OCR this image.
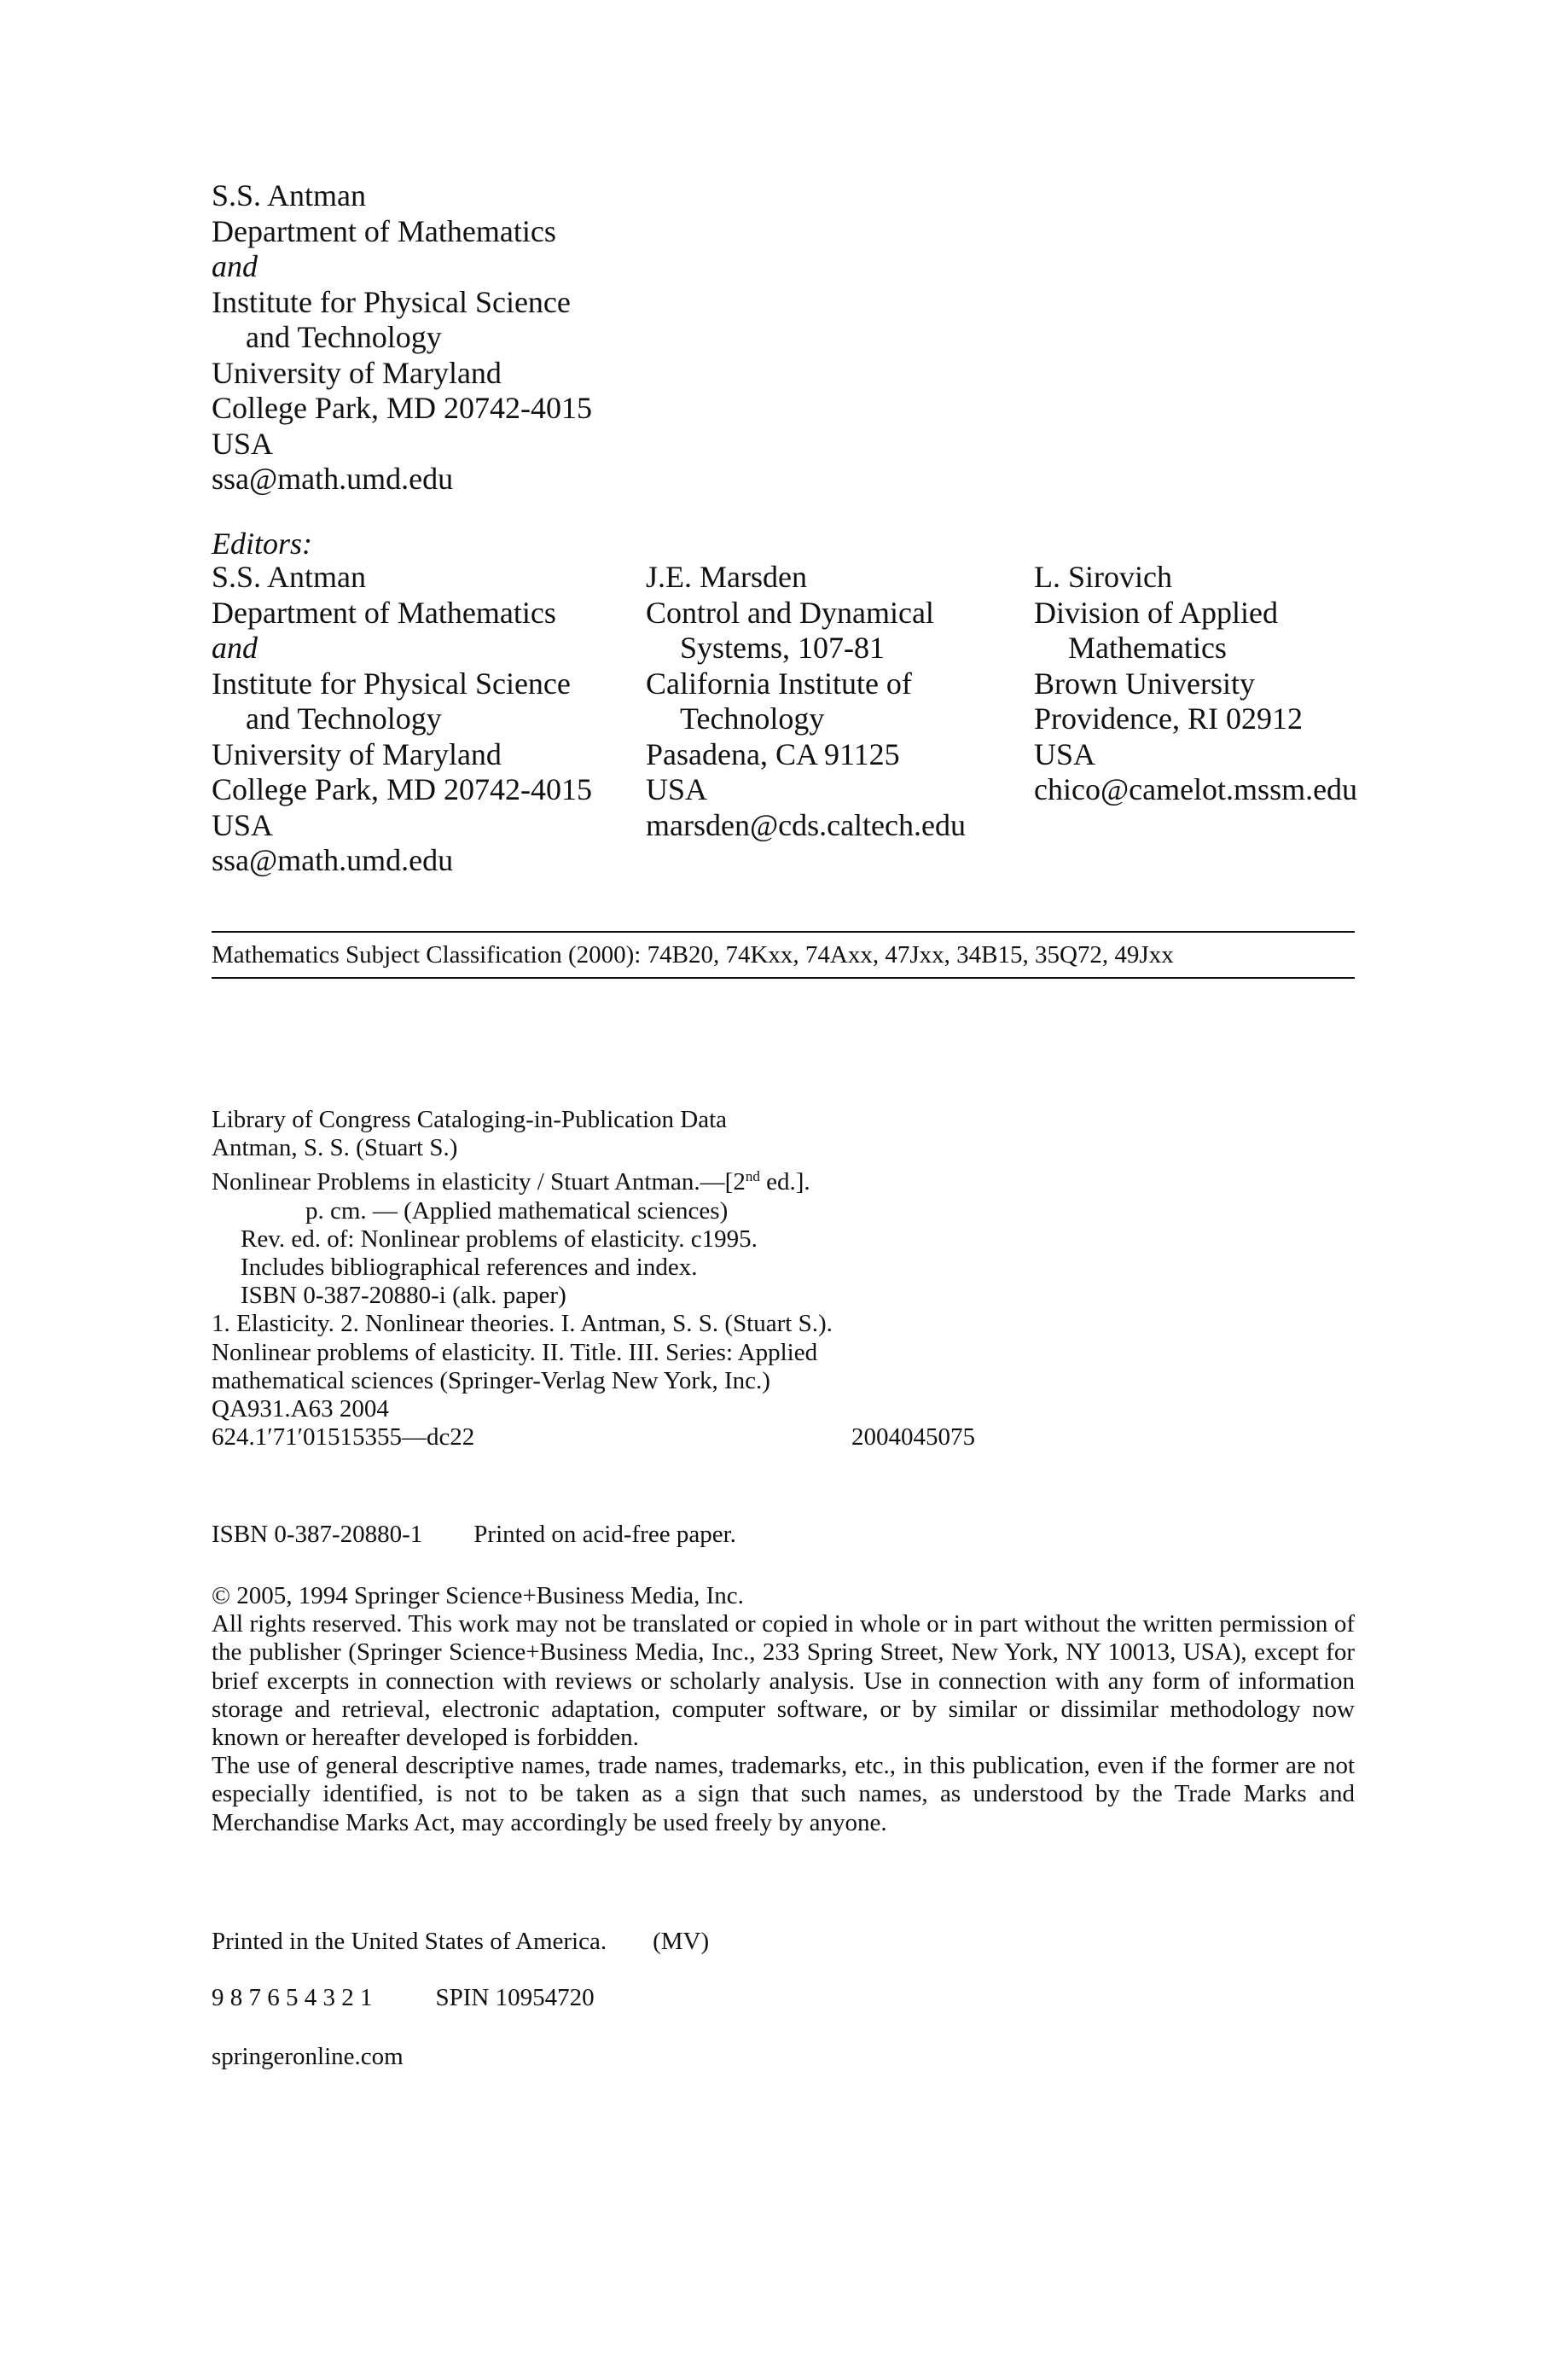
S.S. Antman
Department of Mathematics
and
Institute for Physical Science
and Technology
University of Maryland
College Park, MD 20742-4015
USA
ssa@math.umd.edu
Editors:
S.S. Antman
Department of Mathematics
and
Institute for Physical Science
and Technology
University of Maryland
College Park, MD 20742-4015
USA
ssa@math.umd.edu
J.E. Marsden
Control and Dynamical
Systems, 107-81
California Institute of
Technology
Pasadena, CA 91125
USA
marsden@cds.caltech.edu
L. Sirovich
Division of Applied
Mathematics
Brown University
Providence, RI 02912
USA
chico@camelot.mssm.edu
Mathematics Subject Classification (2000): 74B20, 74Kxx, 74Axx, 47Jxx, 34B15, 35Q72, 49Jxx
Library of Congress Cataloging-in-Publication Data
Antman, S. S. (Stuart S.)
Nonlinear Problems in elasticity / Stuart Antman.—[2nd ed.].
p. cm. — (Applied mathematical sciences)
Rev. ed. of: Nonlinear problems of elasticity. c1995.
Includes bibliographical references and index.
ISBN 0-387-20880-i (alk. paper)
1. Elasticity. 2. Nonlinear theories. I. Antman, S. S. (Stuart S.).
Nonlinear problems of elasticity. II. Title. III. Series: Applied
mathematical sciences (Springer-Verlag New York, Inc.)
QA931.A63 2004
624.1′71′01515355—dc22	2004045075
ISBN 0-387-20880-1 Printed on acid-free paper.
© 2005, 1994 Springer Science+Business Media, Inc.
All rights reserved. This work may not be translated or copied in whole or in part without the written permission of the publisher (Springer Science+Business Media, Inc., 233 Spring Street, New York, NY 10013, USA), except for brief excerpts in connection with reviews or scholarly analysis. Use in connection with any form of information storage and retrieval, electronic adaptation, computer software, or by similar or dissimilar methodology now known or hereafter developed is forbidden.
The use of general descriptive names, trade names, trademarks, etc., in this publication, even if the former are not especially identified, is not to be taken as a sign that such names, as understood by the Trade Marks and Merchandise Marks Act, may accordingly be used freely by anyone.
Printed in the United States of America. (MV)
9 8 7 6 5 4 3 2 1	SPIN 10954720
springeronline.com
